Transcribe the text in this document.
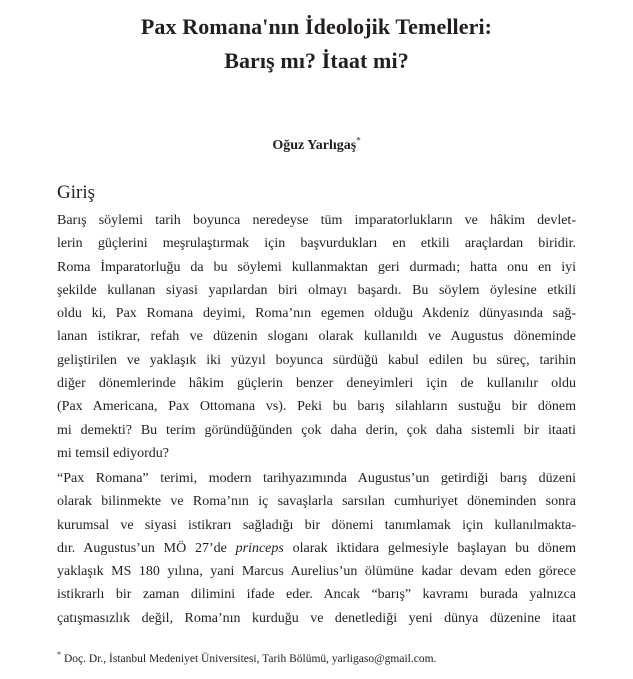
Pax Romana'nın İdeolojik Temelleri:
Barış mı? İtaat mi?
Oğuz Yarlıgaş*
Giriş
Barış söylemi tarih boyunca neredeyse tüm imparatorlukların ve hâkim devlet-
lerin güçlerini meşrulaştırmak için başvurdukları en etkili araçlardan biridir.
Roma İmparatorluğu da bu söylemi kullanmaktan geri durmadı; hatta onu en iyi
şekilde kullanan siyasi yapılardan biri olmayı başardı. Bu söylem öylesine etkili
oldu ki, Pax Romana deyimi, Roma’nın egemen olduğu Akdeniz dünyasında sağ-
lanan istikrar, refah ve düzenin sloganı olarak kullanıldı ve Augustus döneminde
geliştirilen ve yaklaşık iki yüzyıl boyunca sürdüğü kabul edilen bu süreç, tarihin
diğer dönemlerinde hâkim güçlerin benzer deneyimleri için de kullanılır oldu
(Pax Americana, Pax Ottomana vs). Peki bu barış silahların sustuğu bir dönem
mi demekti? Bu terim göründüğünden çok daha derin, çok daha sistemli bir itaati
mi temsil ediyordu?
“Pax Romana” terimi, modern tarihyazımında Augustus’un getirdiği barış düzeni
olarak bilinmekte ve Roma’nın iç savaşlarla sarsılan cumhuriyet döneminden sonra
kurumsal ve siyasi istikrarı sağladığı bir dönemi tanımlamak için kullanılmakta-
dır. Augustus’un MÖ 27’de princeps olarak iktidara gelmesiyle başlayan bu dönem
yaklaşık MS 180 yılına, yani Marcus Aurelius’un ölümüne kadar devam eden görece
istikrarlı bir zaman dilimini ifade eder. Ancak “barış” kavramı burada yalnızca
çatışmasızlık değil, Roma’nın kurduğu ve denetlediği yeni dünya düzenine itaat
* Doç. Dr., İstanbul Medeniyet Üniversitesi, Tarih Bölümü, yarligaso@gmail.com.
